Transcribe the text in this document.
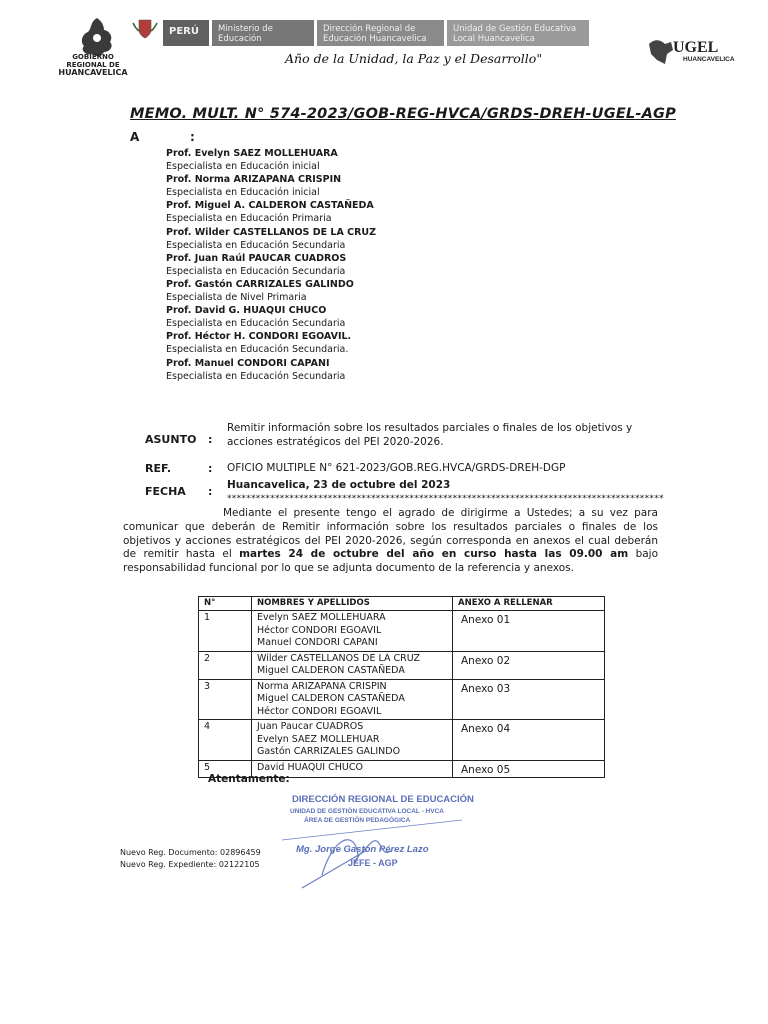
GOBIERNO REGIONAL DE
HUANCAVELICA
PERÚ	Ministerio de Educación
Dirección Regional de Educación Huancavelica
Unidad de Gestión Educativa Local Huancavelica
Año de la Unidad, la Paz y el Desarrollo"
UGEL
HUANCAVELICA
MEMO. MULT. N° 574-2023/GOB-REG-HVCA/GRDS-DREH-UGEL-AGP
A	:
Prof. Evelyn SAEZ MOLLEHUARA
Especialista en Educación inicial
Prof. Norma ARIZAPANA CRISPIN
Especialista en Educación inicial
Prof. Miguel A. CALDERON CASTAÑEDA
Especialista en Educación Primaria
Prof. Wilder CASTELLANOS DE LA CRUZ
Especialista en Educación Secundaria
Prof. Juan Raúl PAUCAR CUADROS
Especialista en Educación Secundaria
Prof. Gastón CARRIZALES GALINDO
Especialista de Nivel Primaria
Prof. David G. HUAQUI CHUCO
Especialista en Educación Secundaria
Prof. Héctor H. CONDORI EGOAVIL.
Especialista en Educación Secundaria.
Prof. Manuel CONDORI CAPANI
Especialista en Educación Secundaria
ASUNTO :
Remitir información sobre los resultados parciales o finales de los objetivos y acciones estratégicos del PEI 2020-2026.
REF.	: OFICIO MULTIPLE N° 621-2023/GOB.REG.HVCA/GRDS-DREH-DGP
FECHA : Huancavelica, 23 de octubre del 2023
*******************************************************************************************
Mediante el presente tengo el agrado de dirigirme a Ustedes; a su vez para comunicar que deberán de Remitir información sobre los resultados parciales o finales de los objetivos y acciones estratégicos del PEI 2020-2026, según corresponda en anexos el cual deberán de remitir hasta el martes 24 de octubre del año en curso hasta las 09.00 am bajo responsabilidad funcional por lo que se adjunta documento de la referencia y anexos.
N°	NOMBRES Y APELLIDOS	ANEXO A RELLENAR
1	Evelyn SAEZ MOLLEHUARA
Héctor CONDORI EGOAVIL
Manuel CONDORI CAPANI	Anexo 01
2	Wilder CASTELLANOS DE LA CRUZ
Miguel CALDERON CASTAÑEDA	Anexo 02
3	Norma ARIZAPANA CRISPIN
Miguel CALDERON CASTAÑEDA
Héctor CONDORI EGOAVIL	Anexo 03
4	Juan Paucar CUADROS
Evelyn SAEZ MOLLEHUAR
Gastón CARRIZALES GALINDO	Anexo 04
5	David HUAQUI CHUCO	Anexo 05
Atentamente:
DIRECCIÓN REGIONAL DE EDUCACIÓN
UNIDAD DE GESTIÓN EDUCATIVA LOCAL - HVCA
ÁREA DE GESTIÓN PEDAGÓGICA
Mg. Jorge Gaston Pérez Lazo
JEFE - AGP
Nuevo Reg. Documento: 02896459
Nuevo Reg. Expediente: 02122105
